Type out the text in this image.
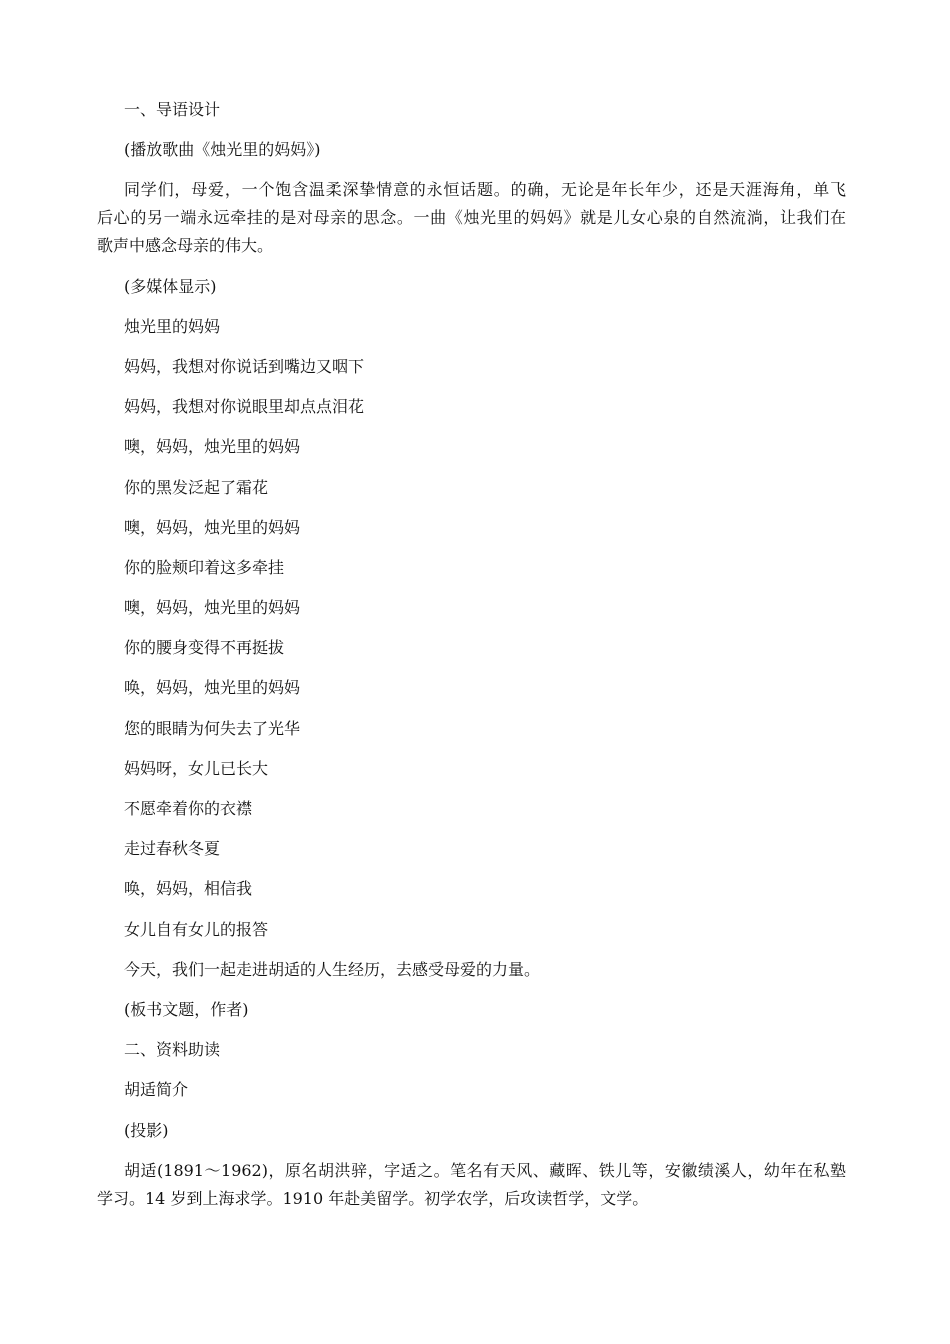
一、导语设计
(播放歌曲《烛光里的妈妈》)
同学们，母爱，一个饱含温柔深挚情意的永恒话题。的确，无论是年长年少，还是天涯海角，单飞
后心的另一端永远牵挂的是对母亲的思念。一曲《烛光里的妈妈》就是儿女心泉的自然流淌，让我们在
歌声中感念母亲的伟大。
(多媒体显示)
烛光里的妈妈
妈妈，我想对你说话到嘴边又咽下
妈妈，我想对你说眼里却点点泪花
噢，妈妈，烛光里的妈妈
你的黑发泛起了霜花
噢，妈妈，烛光里的妈妈
你的脸颊印着这多牵挂
噢，妈妈，烛光里的妈妈
你的腰身变得不再挺拔
唤，妈妈，烛光里的妈妈
您的眼睛为何失去了光华
妈妈呀，女儿已长大
不愿牵着你的衣襟
走过春秋冬夏
唤，妈妈，相信我
女儿自有女儿的报答
今天，我们一起走进胡适的人生经历，去感受母爱的力量。
(板书文题，作者)
二、资料助读
胡适简介
(投影)
胡适(1891～1962)，原名胡洪骍，字适之。笔名有天风、藏晖、铁儿等，安徽绩溪人，幼年在私塾
学习。14 岁到上海求学。1910 年赴美留学。初学农学，后攻读哲学，文学。
